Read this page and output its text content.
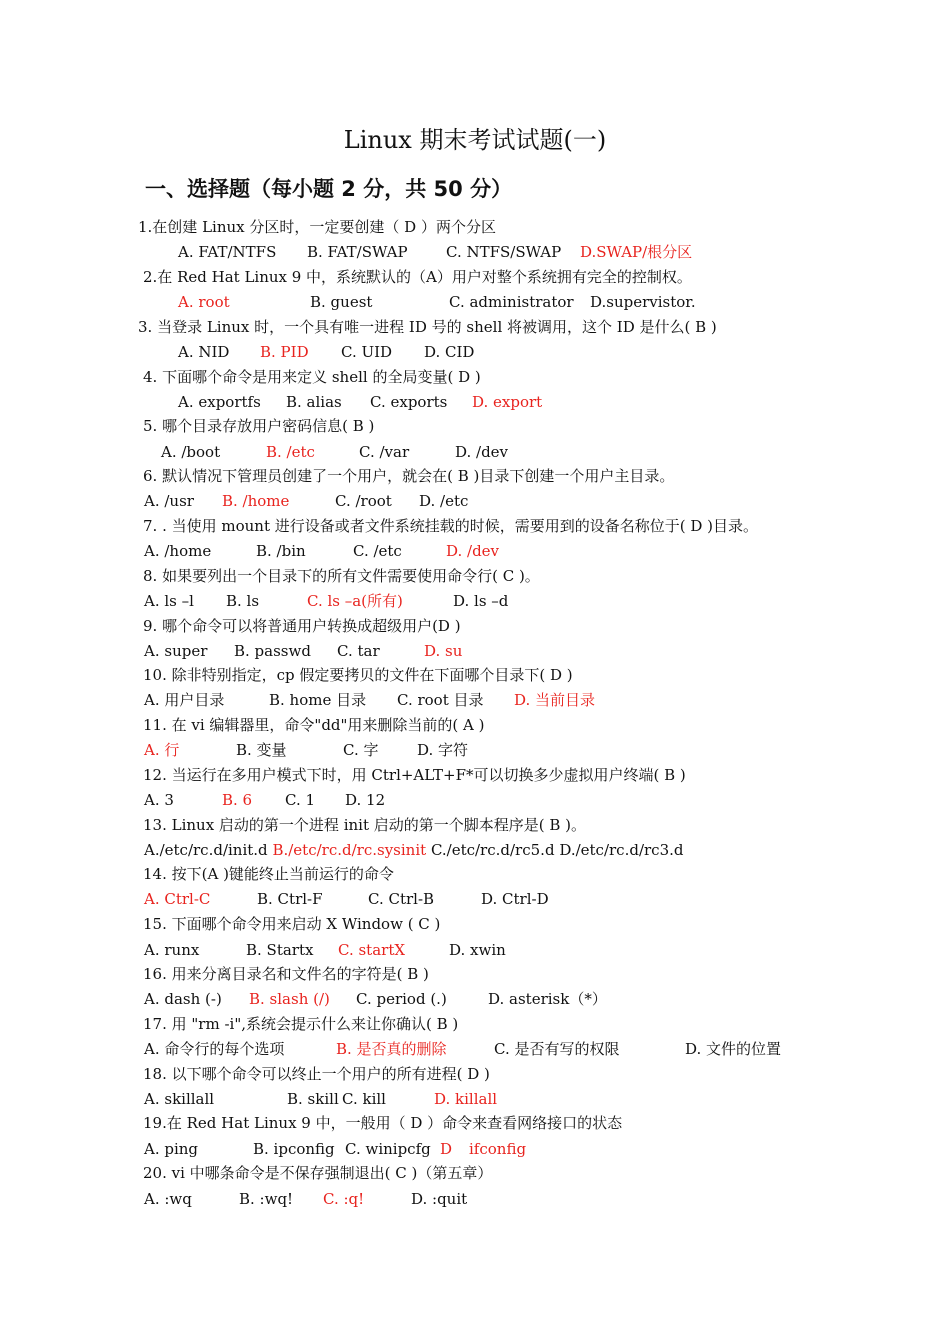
Linux 期末考试试题(一)
一、选择题（每小题 2 分，共 50 分）
1.在创建 Linux 分区时，一定要创建（ D ）两个分区
A. FAT/NTFS B. FAT/SWAP	C. NTFS/SWAP D.SWAP/根分区
2.在 Red Hat Linux 9 中，系统默认的（A）用户对整个系统拥有完全的控制权。
A. root	B. guest	C. administrator D.supervistor.
3. 当登录 Linux 时，一个具有唯一进程 ID 号的 shell 将被调用，这个 ID 是什么( B )
A. NID B. PID C. UID D. CID
4. 下面哪个命令是用来定义 shell 的全局变量( D )
A. exportfs B. alias C. exports D. export
5. 哪个目录存放用户密码信息( B )
A. /boot	B. /etc	C. /var	D. /dev
6. 默认情况下管理员创建了一个用户，就会在( B )目录下创建一个用户主目录。
A. /usr B. /home	C. /root D. /etc
7. . 当使用 mount 进行设备或者文件系统挂载的时候，需要用到的设备名称位于( D )目录。
A. /home	B. /bin	C. /etc	D. /dev
8. 如果要列出一个目录下的所有文件需要使用命令行( C )。
A. ls –l B. ls	C. ls –a(所有)	D. ls –d
9. 哪个命令可以将普通用户转换成超级用户(D )
A. super B. passwd C. tar	D. su
10. 除非特别指定，cp 假定要拷贝的文件在下面哪个目录下( D )
A. 用户目录	B. home 目录 C. root 目录 D. 当前目录
11. 在 vi 编辑器里，命令"dd"用来删除当前的( A )
A. 行	B. 变量	C. 字	D. 字符
12. 当运行在多用户模式下时，用 Ctrl+ALT+F*可以切换多少虚拟用户终端( B )
A. 3	B. 6 C. 1 D. 12
13. Linux 启动的第一个进程 init 启动的第一个脚本程序是( B )。
A./etc/rc.d/init.d B./etc/rc.d/rc.sysinit C./etc/rc.d/rc5.d D./etc/rc.d/rc3.d
14. 按下(A )键能终止当前运行的命令
A. Ctrl-C	B. Ctrl-F	C. Ctrl-B	D. Ctrl-D
15. 下面哪个命令用来启动 X Window ( C )
A. runx	B. Startx C. startX	D. xwin
16. 用来分离目录名和文件名的字符是( B )
A. dash (-) B. slash (/) C. period (.)	D. asterisk（*）
17. 用 "rm -i",系统会提示什么来让你确认( B )
A. 命令行的每个选项	B. 是否真的删除	C. 是否有写的权限	D. 文件的位置
18. 以下哪个命令可以终止一个用户的所有进程( D )
A. skillall	B. skill C. kill	D. killall
19.在 Red Hat Linux 9 中，一般用（ D ）命令来查看网络接口的状态
A. ping	B. ipconfig C. winipcfg D ifconfig
20. vi 中哪条命令是不保存强制退出( C )（第五章）
A. :wq	B. :wq! C. :q!	D. :quit
